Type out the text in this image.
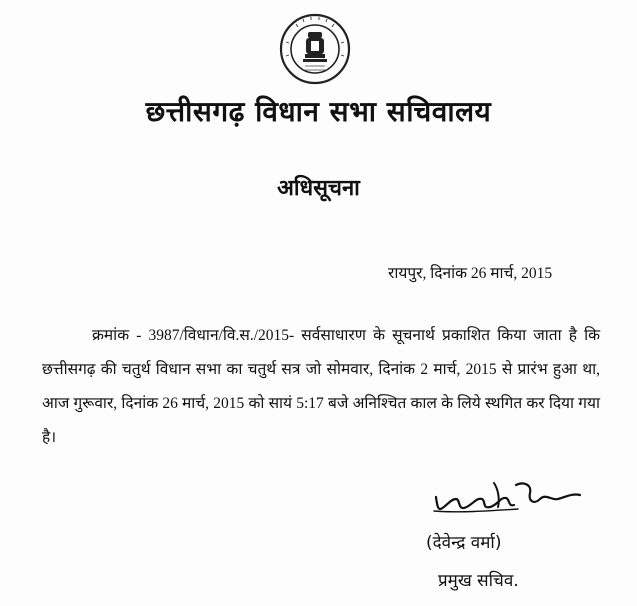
छत्तीसगढ़ विधान सभा सचिवालय
अधिसूचना
रायपुर, दिनांक 26 मार्च, 2015
क्रमांक - 3987/विधान/वि.स./2015- सर्वसाधारण के सूचनार्थ प्रकाशित किया जाता है कि छत्तीसगढ़ की चतुर्थ विधान सभा का चतुर्थ सत्र जो सोमवार, दिनांक 2 मार्च, 2015 से प्रारंभ हुआ था, आज गुरूवार, दिनांक 26 मार्च, 2015 को सायं 5:17 बजे अनिश्चित काल के लिये स्थगित कर दिया गया है।
(देवेन्द्र वर्मा)
प्रमुख सचिव.
